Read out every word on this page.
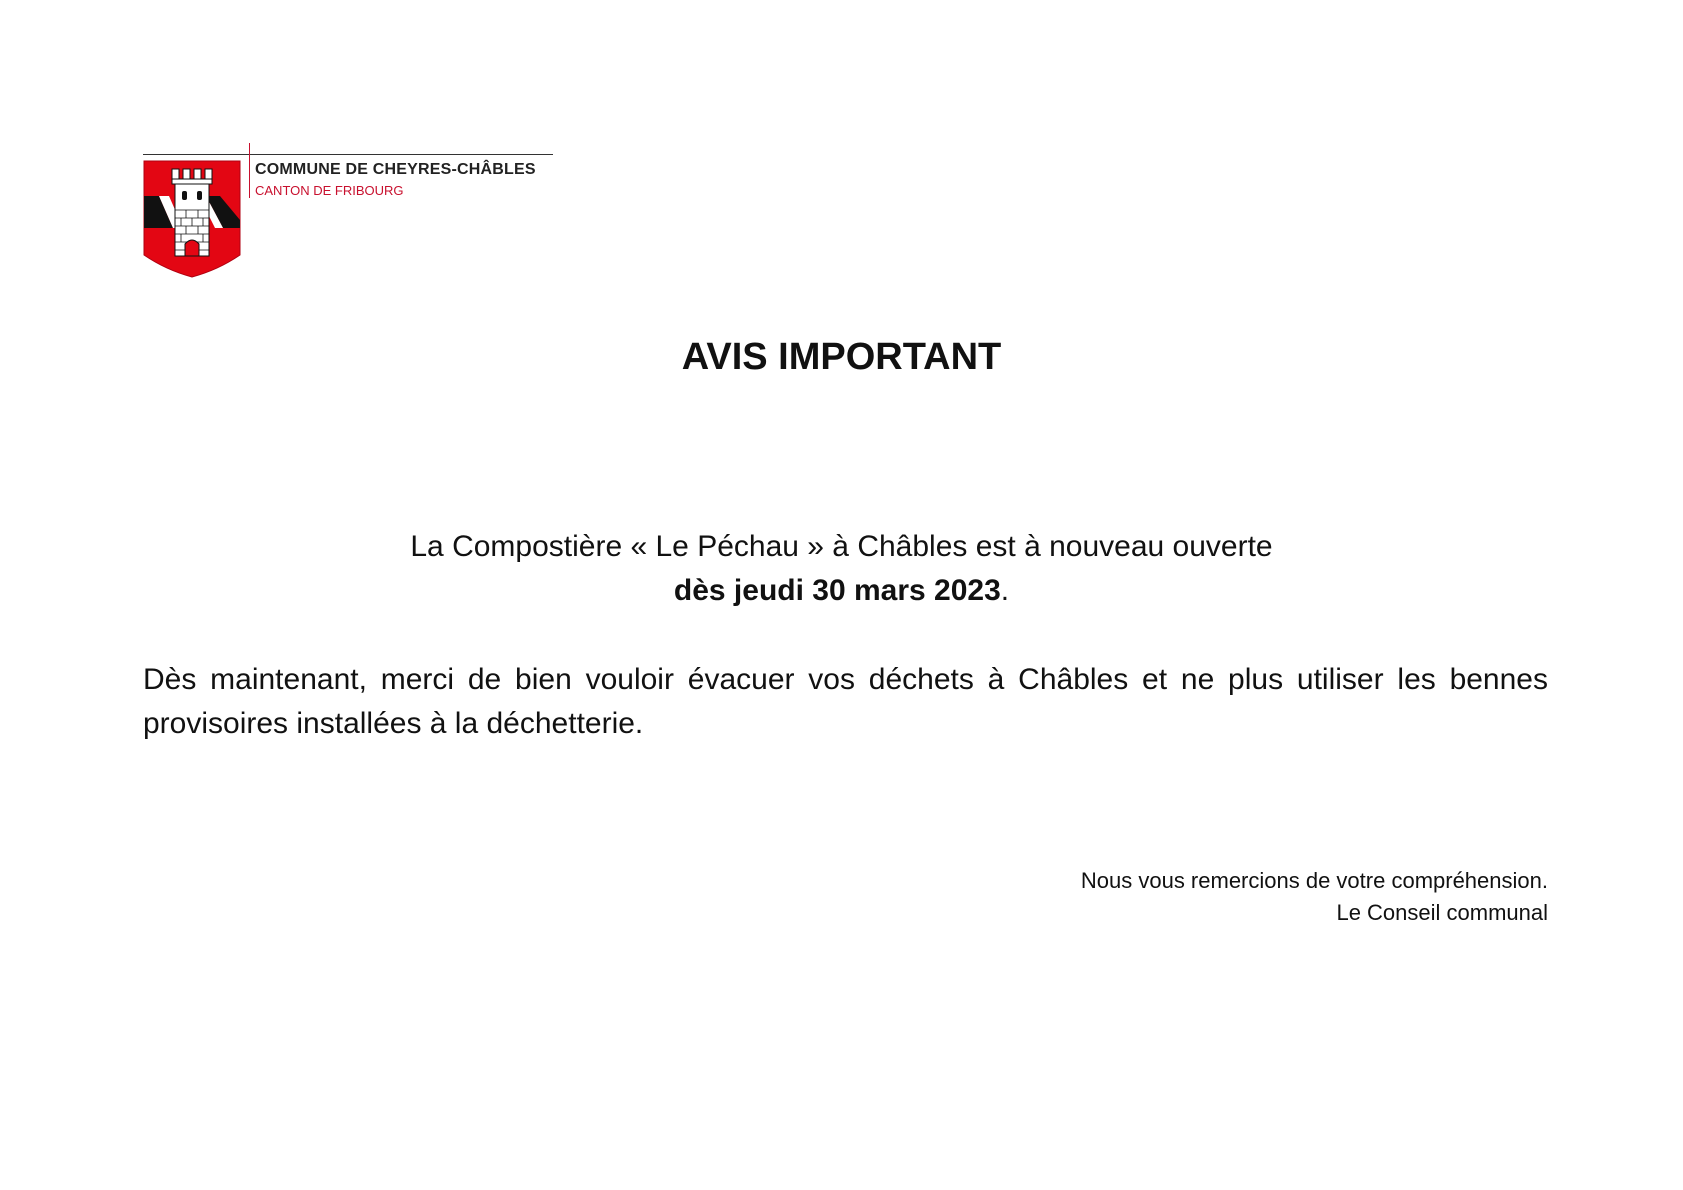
COMMUNE DE CHEYRES-CHÂBLES
CANTON DE FRIBOURG
AVIS IMPORTANT
La Compostière « Le Péchau » à Châbles est à nouveau ouverte
dès jeudi 30 mars 2023.
Dès maintenant, merci de bien vouloir évacuer vos déchets à Châbles et ne plus utiliser les bennes provisoires installées à la déchetterie.
Nous vous remercions de votre compréhension.
Le Conseil communal
